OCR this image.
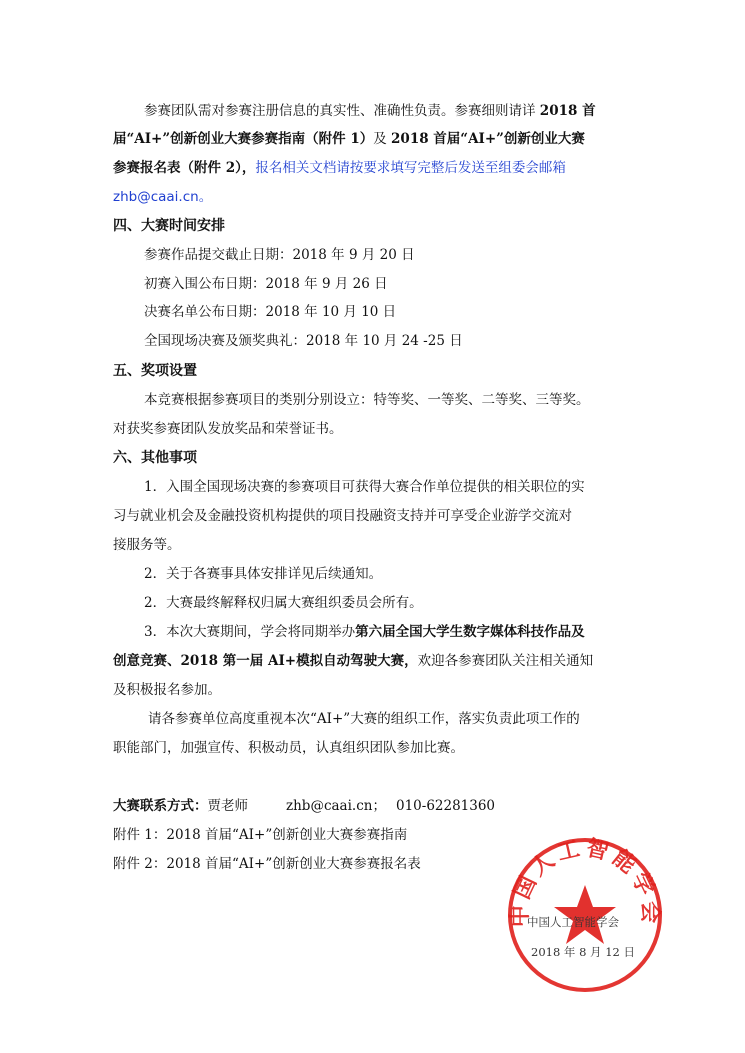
参赛团队需对参赛注册信息的真实性、准确性负责。参赛细则请详 2018 首
届“AI+”创新创业大赛参赛指南（附件 1）及 2018 首届“AI+”创新创业大赛
参赛报名表（附件 2），报名相关文档请按要求填写完整后发送至组委会邮箱
zhb@caai.cn。
四、大赛时间安排
参赛作品提交截止日期：2018 年 9 月 20 日
初赛入围公布日期：2018 年 9 月 26 日
决赛名单公布日期：2018 年 10 月 10 日
全国现场决赛及颁奖典礼：2018 年 10 月 24 -25 日
五、奖项设置
本竞赛根据参赛项目的类别分别设立：特等奖、一等奖、二等奖、三等奖。
对获奖参赛团队发放奖品和荣誉证书。
六、其他事项
1．入围全国现场决赛的参赛项目可获得大赛合作单位提供的相关职位的实
习与就业机会及金融投资机构提供的项目投融资支持并可享受企业游学交流对
接服务等。
2．关于各赛事具体安排详见后续通知。
2．大赛最终解释权归属大赛组织委员会所有。
3．本次大赛期间，学会将同期举办第六届全国大学生数字媒体科技作品及
创意竞赛、2018 第一届 AI+模拟自动驾驶大赛，欢迎各参赛团队关注相关通知
及积极报名参加。
请各参赛单位高度重视本次“AI+”大赛的组织工作，落实负责此项工作的
职能部门，加强宣传、积极动员，认真组织团队参加比赛。
大赛联系方式：贾老师	zhb@caai.cn； 010-62281360
附件 1：2018 首届“AI+”创新创业大赛参赛指南
附件 2：2018 首届“AI+”创新创业大赛参赛报名表
中国人工智能学会
中国人工智能学会
2018 年 8 月 12 日
